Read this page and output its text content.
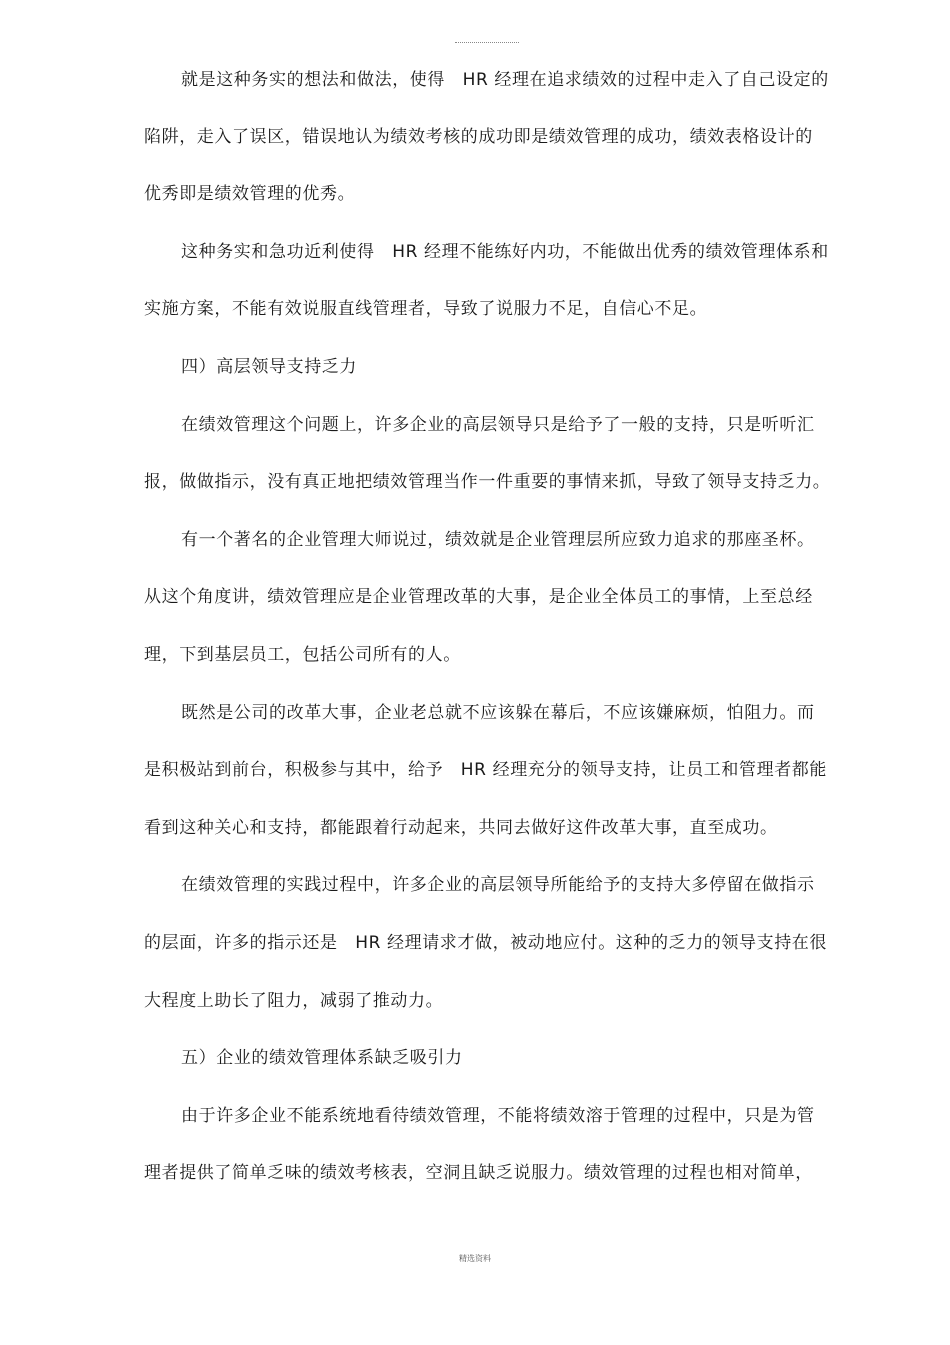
就是这种务实的想法和做法，使得　HR 经理在追求绩效的过程中走入了自己设定的
陷阱，走入了误区，错误地认为绩效考核的成功即是绩效管理的成功，绩效表格设计的
优秀即是绩效管理的优秀。
这种务实和急功近利使得　HR 经理不能练好内功，不能做出优秀的绩效管理体系和
实施方案，不能有效说服直线管理者，导致了说服力不足，自信心不足。
四）高层领导支持乏力
在绩效管理这个问题上，许多企业的高层领导只是给予了一般的支持，只是听听汇
报，做做指示，没有真正地把绩效管理当作一件重要的事情来抓，导致了领导支持乏力。
有一个著名的企业管理大师说过，绩效就是企业管理层所应致力追求的那座圣杯。
从这个角度讲，绩效管理应是企业管理改革的大事，是企业全体员工的事情，上至总经
理，下到基层员工，包括公司所有的人。
既然是公司的改革大事，企业老总就不应该躲在幕后，不应该嫌麻烦，怕阻力。而
是积极站到前台，积极参与其中，给予　HR 经理充分的领导支持，让员工和管理者都能
看到这种关心和支持，都能跟着行动起来，共同去做好这件改革大事，直至成功。
在绩效管理的实践过程中，许多企业的高层领导所能给予的支持大多停留在做指示
的层面，许多的指示还是　HR 经理请求才做，被动地应付。这种的乏力的领导支持在很
大程度上助长了阻力，减弱了推动力。
五）企业的绩效管理体系缺乏吸引力
由于许多企业不能系统地看待绩效管理，不能将绩效溶于管理的过程中，只是为管
理者提供了简单乏味的绩效考核表，空洞且缺乏说服力。绩效管理的过程也相对简单，
精选资料
